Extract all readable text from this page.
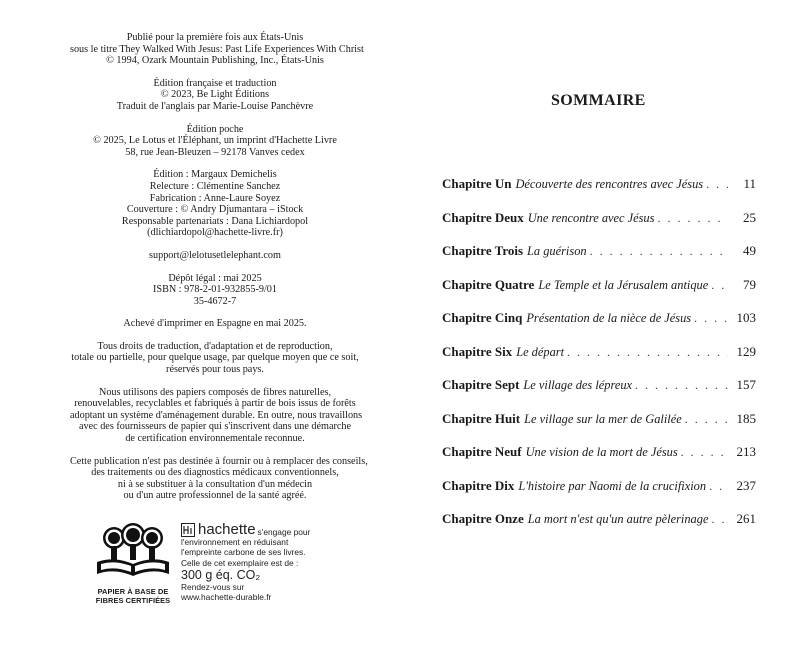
Publié pour la première fois aux États-Unis
sous le titre They Walked With Jesus: Past Life Experiences With Christ
© 1994, Ozark Mountain Publishing, Inc., États-Unis
Édition française et traduction
© 2023, Be Light Éditions
Traduit de l'anglais par Marie-Louise Panchèvre
Édition poche
© 2025, Le Lotus et l'Éléphant, un imprint d'Hachette Livre
58, rue Jean-Bleuzen – 92178 Vanves cedex
Édition : Margaux Demichelis
Relecture : Clémentine Sanchez
Fabrication : Anne-Laure Soyez
Couverture : © Andry Djumantara – iStock
Responsable partenariats : Dana Lichiardopol
(dlichiardopol@hachette-livre.fr)
support@lelotusetlelephant.com
Dépôt légal : mai 2025
ISBN : 978-2-01-932855-9/01
35-4672-7
Achevé d'imprimer en Espagne en mai 2025.
Tous droits de traduction, d'adaptation et de reproduction,
totale ou partielle, pour quelque usage, par quelque moyen que ce soit,
réservés pour tous pays.
Nous utilisons des papiers composés de fibres naturelles,
renouvelables, recyclables et fabriqués à partir de bois issus de forêts
adoptant un système d'aménagement durable. En outre, nous travaillons
avec des fournisseurs de papier qui s'inscrivent dans une démarche
de certification environnementale reconnue.
Cette publication n'est pas destinée à fournir ou à remplacer des conseils,
des traitements ou des diagnostics médicaux conventionnels,
ni à se substituer à la consultation d'un médecin
ou d'un autre professionnel de la santé agréé.
PAPIER À BASE DE
FIBRES CERTIFIÉES
hachette s'engage pour
l'environnement en réduisant
l'empreinte carbone de ses livres.
Celle de cet exemplaire est de :
300 g éq. CO₂
Rendez-vous sur
www.hachette-durable.fr
SOMMAIRE
Chapitre Un Découverte des rencontres avec Jésus . . .	11
Chapitre Deux Une rencontre avec Jésus . . .	25
Chapitre Trois La guérison . . .	49
Chapitre Quatre Le Temple et la Jérusalem antique . . .	79
Chapitre Cinq Présentation de la nièce de Jésus . . .	103
Chapitre Six Le départ . . .	129
Chapitre Sept Le village des lépreux . . .	157
Chapitre Huit Le village sur la mer de Galilée . . .	185
Chapitre Neuf Une vision de la mort de Jésus . . .	213
Chapitre Dix L'histoire par Naomi de la crucifixion . . . 237
Chapitre Onze La mort n'est qu'un autre pèlerinage . . . 261
